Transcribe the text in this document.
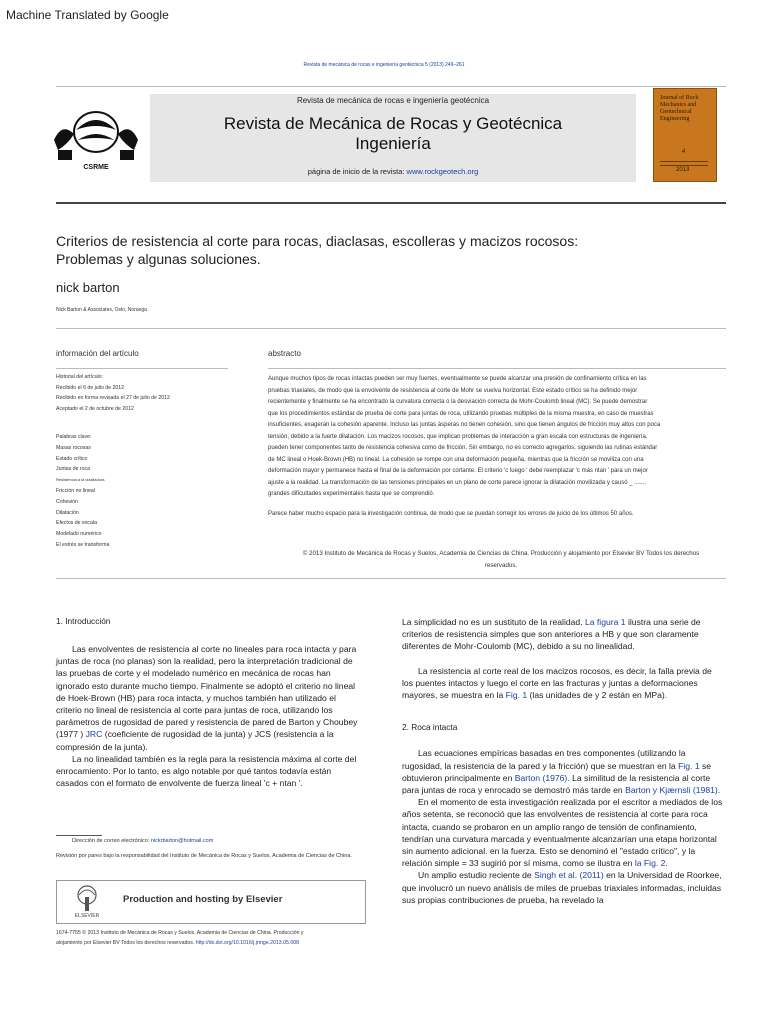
Machine Translated by Google
Revista de mecánica de rocas e ingeniería geotécnica 5 (2013) 249–261
CSRME
Revista de mecánica de rocas e ingeniería geotécnica
Revista de Mecánica de Rocas y Geotécnica
Ingeniería
página de inicio de la revista: www.rockgeotech.org
Journal of Rock Mechanics and Geotechnical Engineering
4
2013
Criterios de resistencia al corte para rocas, diaclasas, escolleras y macizos rocosos:
Problemas y algunas soluciones.
nick barton
Nick Barton & Associates, Oslo, Noruega
información del artículo
Historial del artículo:
Recibido el 6 de julio de 2012
Recibido en forma revisada el 27 de julio de 2012
Aceptado el 2 de octubre de 2012
Palabras clave:
Masas rocosas
Estado crítico
Juntas de roca
Resistencia a la cizalladura
Fricción no lineal
Cohesión
Dilatación
Efectos de escala
Modelado numérico
El estrés se transforma
abstracto
Aunque muchos tipos de rocas intactas pueden ser muy fuertes, eventualmente se puede alcanzar una presión de confinamiento crítica en las
pruebas triaxiales, de modo que la envolvente de resistencia al corte de Mohr se vuelva horizontal. Este estado crítico se ha definido mejor
recientemente y finalmente se ha encontrado la curvatura correcta o la desviación correcta de Mohr-Coulomb lineal (MC). Se puede demostrar
que los procedimientos estándar de prueba de corte para juntas de roca, utilizando pruebas múltiples de la misma muestra, en caso de muestras
insuficientes, exageran la cohesión aparente. Incluso las juntas ásperas no tienen cohesión, sino que tienen ángulos de fricción muy altos con poca
tensión, debido a la fuerte dilatación. Los macizos rocosos, que implican problemas de interacción a gran escala con estructuras de ingeniería,
pueden tener componentes tanto de resistencia cohesiva como de fricción. Sin embargo, no es correcto agregarlos, siguiendo las rutinas estándar
de MC lineal o Hoek-Brown (HB) no lineal. La cohesión se rompe con una deformación pequeña, mientras que la fricción se moviliza con una
deformación mayor y permanece hasta el final de la deformación por cortante. El criterio 'c luego ' debe reemplazar 'c más ntan ' para un mejor
ajuste a la realidad. La transformación de las tensiones principales en un plano de corte parece ignorar la dilatación movilizada y causó _ .......
grandes dificultades experimentales hasta que se comprendió.
Parece haber mucho espacio para la investigación continua, de modo que se puedan corregir los errores de juicio de los últimos 50 años.
© 2013 Instituto de Mecánica de Rocas y Suelos, Academia de Ciencias de China. Producción y alojamiento por Elsevier BV Todos los derechos
reservados.
1. Introducción

Las envolventes de resistencia al corte no lineales para roca intacta y para juntas de roca (no planas) son la realidad, pero la interpretación tradicional de las pruebas de corte y el modelado numérico en mecánica de rocas han ignorado esto durante mucho tiempo. Finalmente se adoptó el criterio no lineal de Hoek-Brown (HB) para roca intacta, y muchos también han utilizado el criterio no lineal de resistencia al corte para juntas de roca, utilizando los parámetros de rugosidad de pared y resistencia de pared de Barton y Choubey (1977 ) JRC (coeficiente de rugosidad de la junta) y JCS (resistencia a la compresión de la junta).

La no linealidad también es la regla para la resistencia máxima al corte del enrocamiento. Por lo tanto, es algo notable por qué tantos todavía están casados con el formato de envolvente de fuerza lineal 'c + ntan '.

Dirección de correo electrónico: nickrbarton@hotmail.com
Revisión por pares bajo la responsabilidad del Instituto de Mecánica de Rocas y Suelos, Academia de Ciencias de China.
ELSEVIER
Production and hosting by Elsevier
1674-7755 © 2013 Instituto de Mecánica de Rocas y Suelos, Academia de Ciencias de China. Producción y
alojamiento por Elsevier BV Todos los derechos reservados. http://dx.doi.org/10.1016/j.jrmge.2013.05.008

La simplicidad no es un sustituto de la realidad. La figura 1 ilustra una serie de criterios de resistencia simples que son anteriores a HB y que son claramente diferentes de Mohr-Coulomb (MC), debido a su no linealidad.

La resistencia al corte real de los macizos rocosos, es decir, la falla previa de los puentes intactos y luego el corte en las fracturas y juntas a deformaciones mayores, se muestra en la Fig. 1 (las unidades de y 2 están en MPa).

2. Roca intacta

Las ecuaciones empíricas basadas en tres componentes (utilizando la rugosidad, la resistencia de la pared y la fricción) que se muestran en la Fig. 1 se obtuvieron principalmente en Barton (1976). La similitud de la resistencia al corte para juntas de roca y enrocado se demostró más tarde en Barton y Kjærnsli (1981).

En el momento de esta investigación realizada por el escritor a mediados de los años setenta, se reconoció que las envolventes de resistencia al corte para roca intacta, cuando se probaron en un amplio rango de tensión de confinamiento, tendrían una curvatura marcada y eventualmente alcanzarían una etapa horizontal sin aumento adicional. en la fuerza. Esto se denominó el "estado crítico", y la relación simple = 33 sugirió por sí misma, como se ilustra en la Fig. 2.

Un amplio estudio reciente de Singh et al. (2011) en la Universidad de Roorkee, que involucró un nuevo análisis de miles de pruebas triaxiales informadas, incluidas sus propias contribuciones de prueba, ha revelado la
